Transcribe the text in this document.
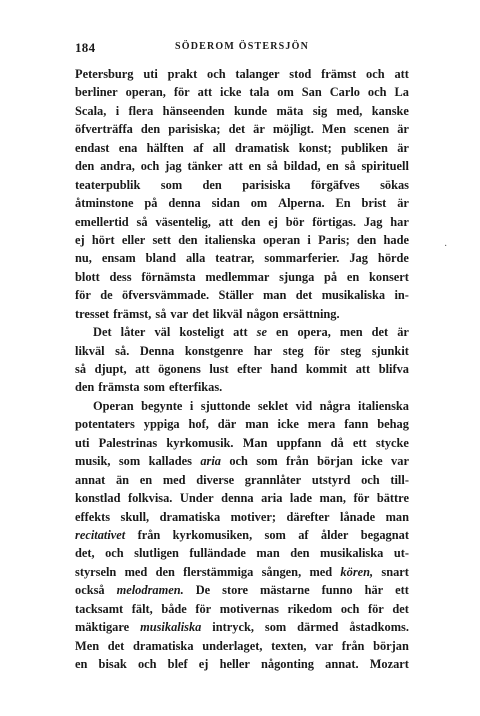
184	SÖDEROM ÖSTERSJÖN
Petersburg uti prakt och talanger stod främst och att
berliner operan, för att icke tala om San Carlo och La
Scala, i flera hänseenden kunde mäta sig med, kanske
öfverträffa den parisiska; det är möjligt. Men scenen är
endast ena hälften af all dramatisk konst; publiken är
den andra, och jag tänker att en så bildad, en så spirituell
teaterpublik som den parisiska förgäfves sökas
åtminstone på denna sidan om Alperna. En brist är
emellertid så väsentelig, att den ej bör förtigas. Jag har
ej hört eller sett den italienska operan i Paris; den hade
nu, ensam bland alla teatrar, sommarferier. Jag hörde
blott dess förnämsta medlemmar sjunga på en konsert
för de öfversvämmade. Ställer man det musikaliska in-
tresset främst, så var det likväl någon ersättning.
Det låter väl kosteligt att se en opera, men det är
likväl så. Denna konstgenre har steg för steg sjunkit
så djupt, att ögonens lust efter hand kommit att blifva
den främsta som efterfikas.
Operan begynte i sjuttonde seklet vid några italienska
potentaters yppiga hof, där man icke mera fann behag
uti Palestrinas kyrkomusik. Man uppfann då ett stycke
musik, som kallades aria och som från början icke var
annat än en med diverse grannlåter utstyrd och till-
konstlad folkvisa. Under denna aria lade man, för bättre
effekts skull, dramatiska motiver; därefter lånade man
recitativet från kyrkomusiken, som af ålder begagnat
det, och slutligen fulländade man den musikaliska ut-
styrseln med den flerstämmiga sången, med kören, snart
också melodramen. De store mästarne funno här ett
tacksamt fält, både för motivernas rikedom och för det
mäktigare musikaliska intryck, som därmed åstadkoms.
Men det dramatiska underlaget, texten, var från början
en bisak och blef ej heller någonting annat. Mozart
·
